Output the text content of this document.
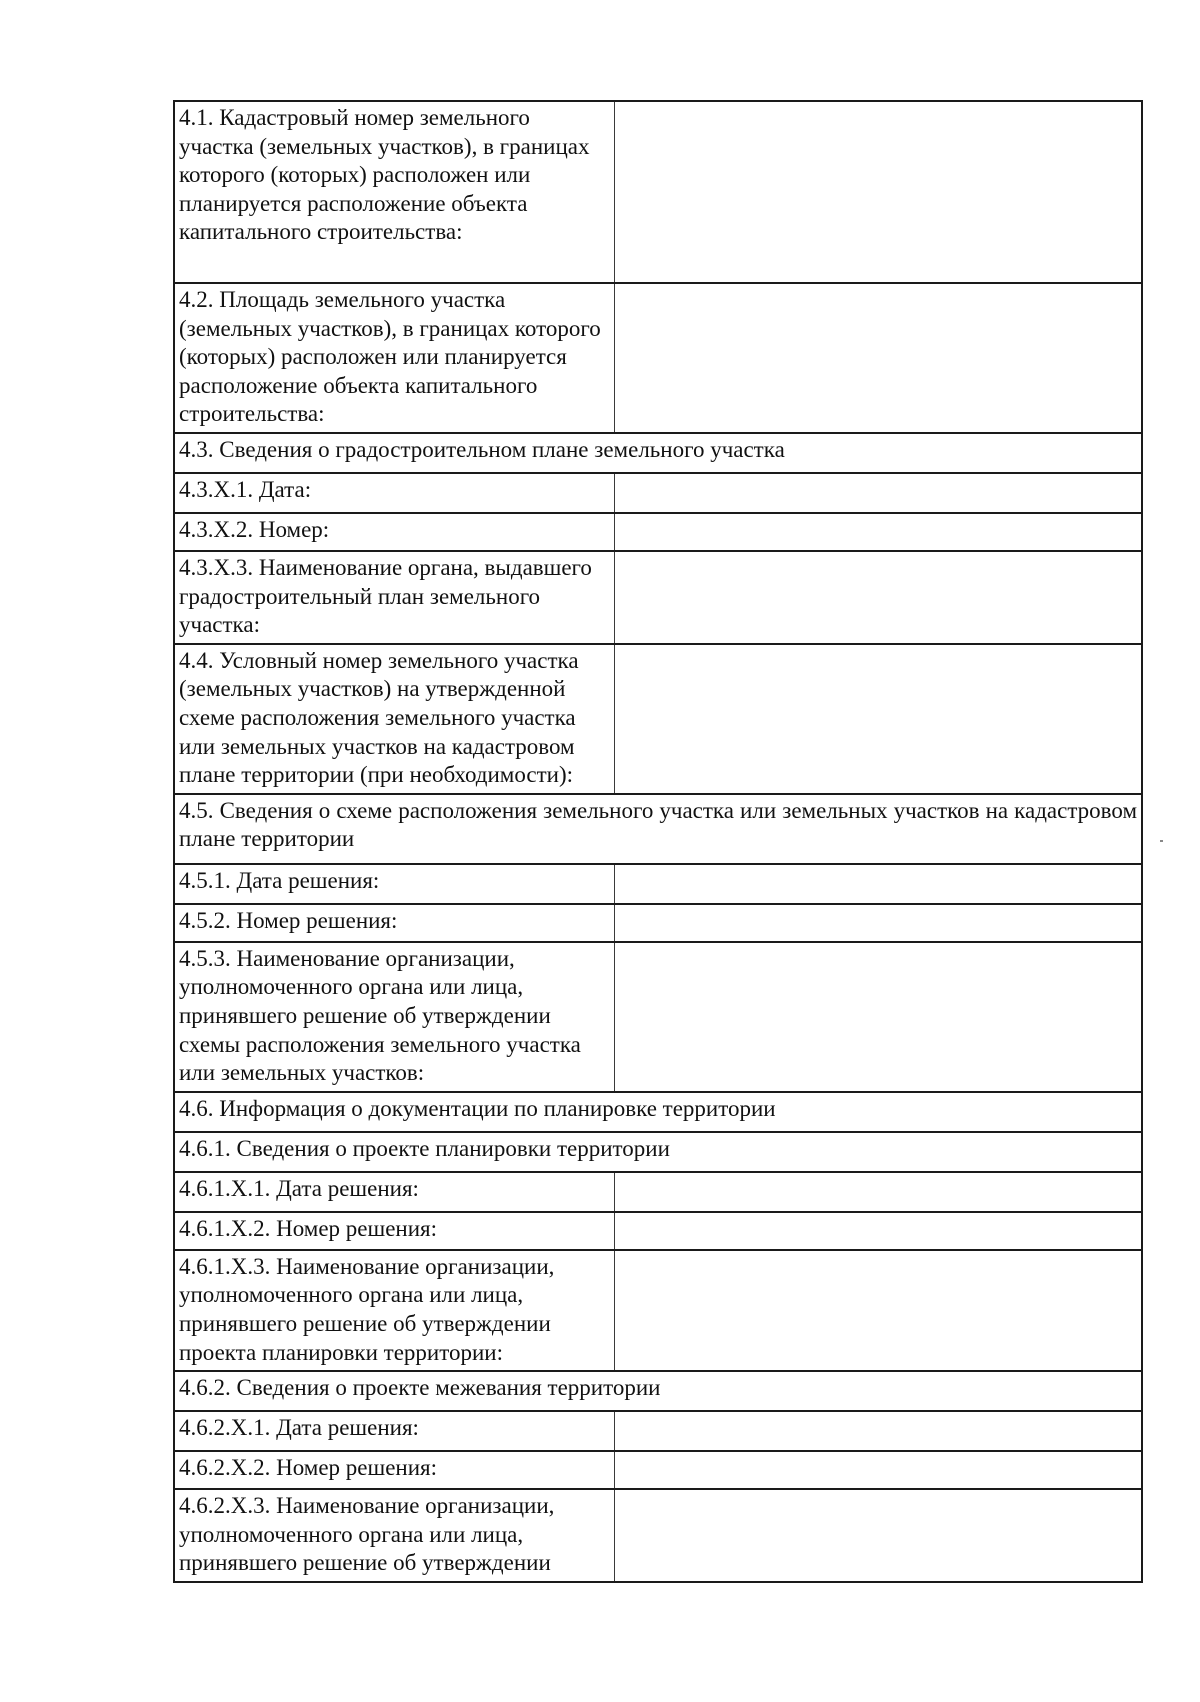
4.1. Кадастровый номер земельного участка (земельных участков), в границах которого (которых) расположен или планируется расположение объекта капитального строительства:	
4.2. Площадь земельного участка (земельных участков), в границах которого (которых) расположен или планируется расположение объекта капитального строительства:	
4.3. Сведения о градостроительном плане земельного участка	
4.3.Х.1. Дата:	
4.3.Х.2. Номер:	
4.3.Х.3. Наименование органа, выдавшего градостроительный план земельного участка:	
4.4. Условный номер земельного участка (земельных участков) на утвержденной схеме расположения земельного участка или земельных участков на кадастровом плане территории (при необходимости):	
4.5. Сведения о схеме расположения земельного участка или земельных участков на кадастровом плане территории	
4.5.1. Дата решения:	
4.5.2. Номер решения:	
4.5.3. Наименование организации, уполномоченного органа или лица, принявшего решение об утверждении схемы расположения земельного участка или земельных участков:	
4.6. Информация о документации по планировке территории	
4.6.1. Сведения о проекте планировки территории	
4.6.1.Х.1. Дата решения:	
4.6.1.Х.2. Номер решения:	
4.6.1.Х.3. Наименование организации, уполномоченного органа или лица, принявшего решение об утверждении проекта планировки территории:	
4.6.2. Сведения о проекте межевания территории	
4.6.2.Х.1. Дата решения:	
4.6.2.Х.2. Номер решения:	
4.6.2.Х.3. Наименование организации, уполномоченного органа или лица, принявшего решение об утверждении	
